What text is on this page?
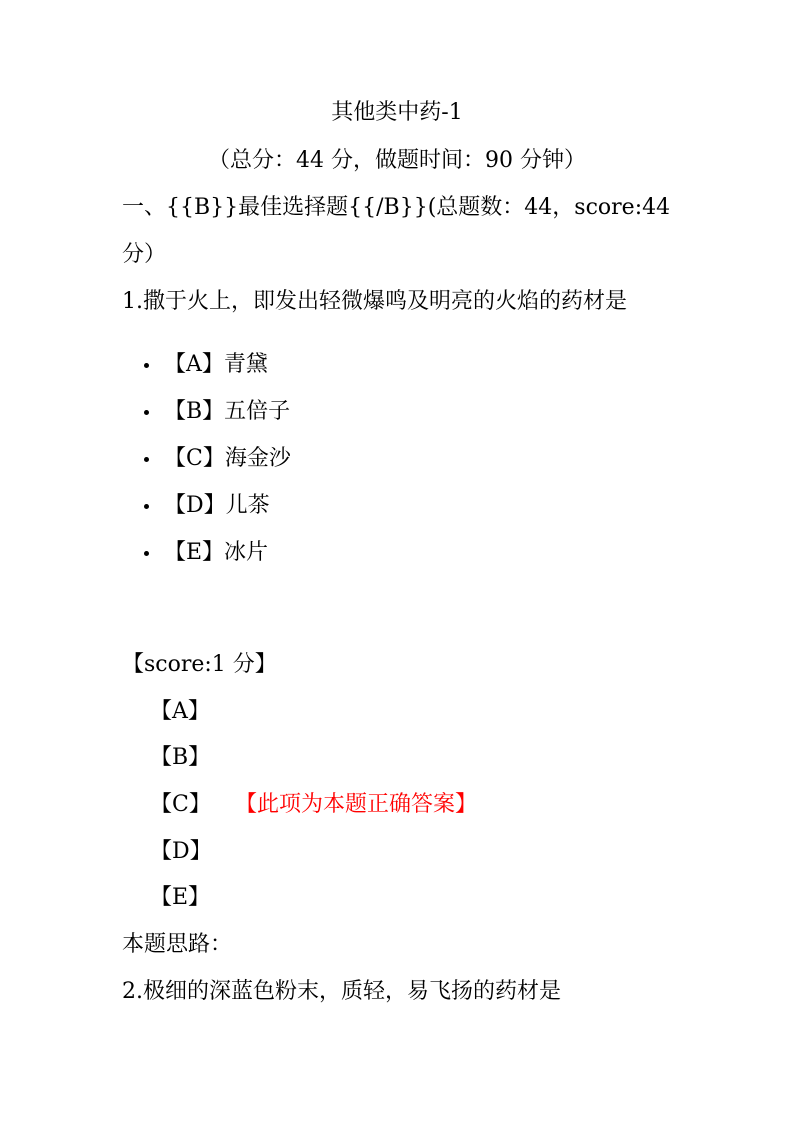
其他类中药-1
（总分：44 分，做题时间：90 分钟）
一、{{B}}最佳选择题{{/B}}(总题数：44，score:44
分）
1.撒于火上，即发出轻微爆鸣及明亮的火焰的药材是
【A】青黛
【B】五倍子
【C】海金沙
【D】儿茶
【E】冰片
【score:1 分】
【A】
【B】
【C】 【此项为本题正确答案】
【D】
【E】
本题思路：
2.极细的深蓝色粉末，质轻，易飞扬的药材是
